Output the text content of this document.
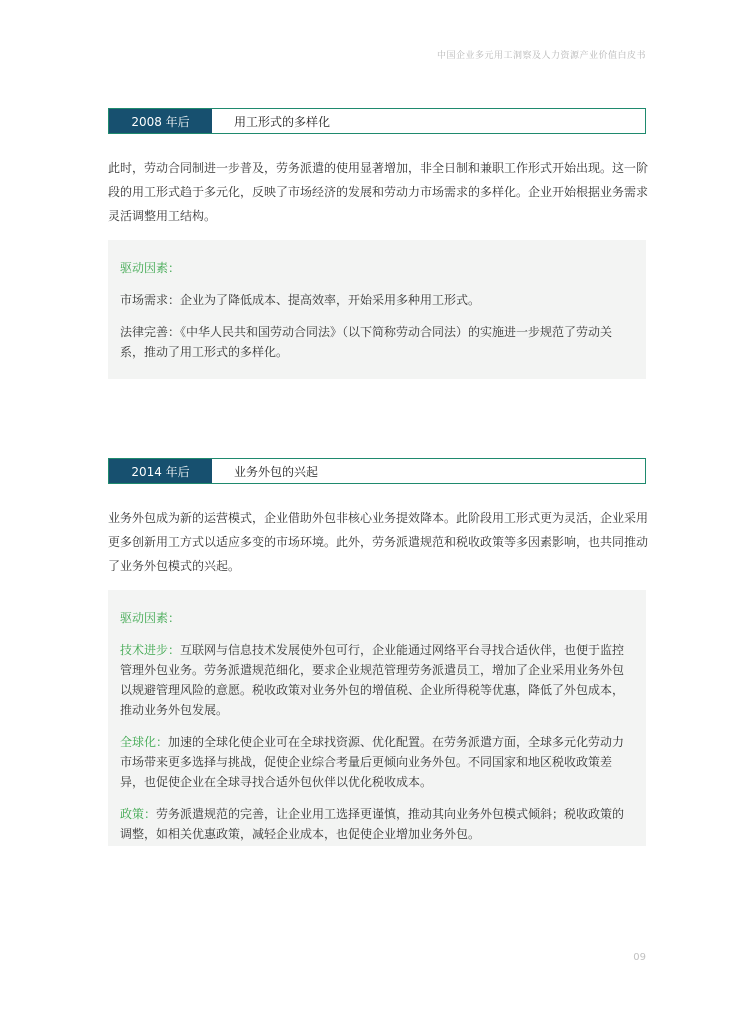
中国企业多元用工洞察及人力资源产业价值白皮书
2008 年后	用工形式的多样化

此时，劳动合同制进一步普及，劳务派遣的使用显著增加，非全日制和兼职工作形式开始出现。这一阶段的用工形式趋于多元化，反映了市场经济的发展和劳动力市场需求的多样化。企业开始根据业务需求灵活调整用工结构。

驱动因素：
市场需求：企业为了降低成本、提高效率，开始采用多种用工形式。
法律完善：《中华人民共和国劳动合同法》（以下简称劳动合同法）的实施进一步规范了劳动关系，推动了用工形式的多样化。
2014 年后	业务外包的兴起

业务外包成为新的运营模式，企业借助外包非核心业务提效降本。此阶段用工形式更为灵活，企业采用更多创新用工方式以适应多变的市场环境。此外，劳务派遣规范和税收政策等多因素影响，也共同推动了业务外包模式的兴起。

驱动因素：
技术进步：互联网与信息技术发展使外包可行，企业能通过网络平台寻找合适伙伴，也便于监控管理外包业务。劳务派遣规范细化，要求企业规范管理劳务派遣员工，增加了企业采用业务外包以规避管理风险的意愿。税收政策对业务外包的增值税、企业所得税等优惠，降低了外包成本，推动业务外包发展。
全球化：加速的全球化使企业可在全球找资源、优化配置。在劳务派遣方面，全球多元化劳动力市场带来更多选择与挑战，促使企业综合考量后更倾向业务外包。不同国家和地区税收政策差异，也促使企业在全球寻找合适外包伙伴以优化税收成本。
政策：劳务派遣规范的完善，让企业用工选择更谨慎，推动其向业务外包模式倾斜；税收政策的调整，如相关优惠政策，减轻企业成本，也促使企业增加业务外包。
09
